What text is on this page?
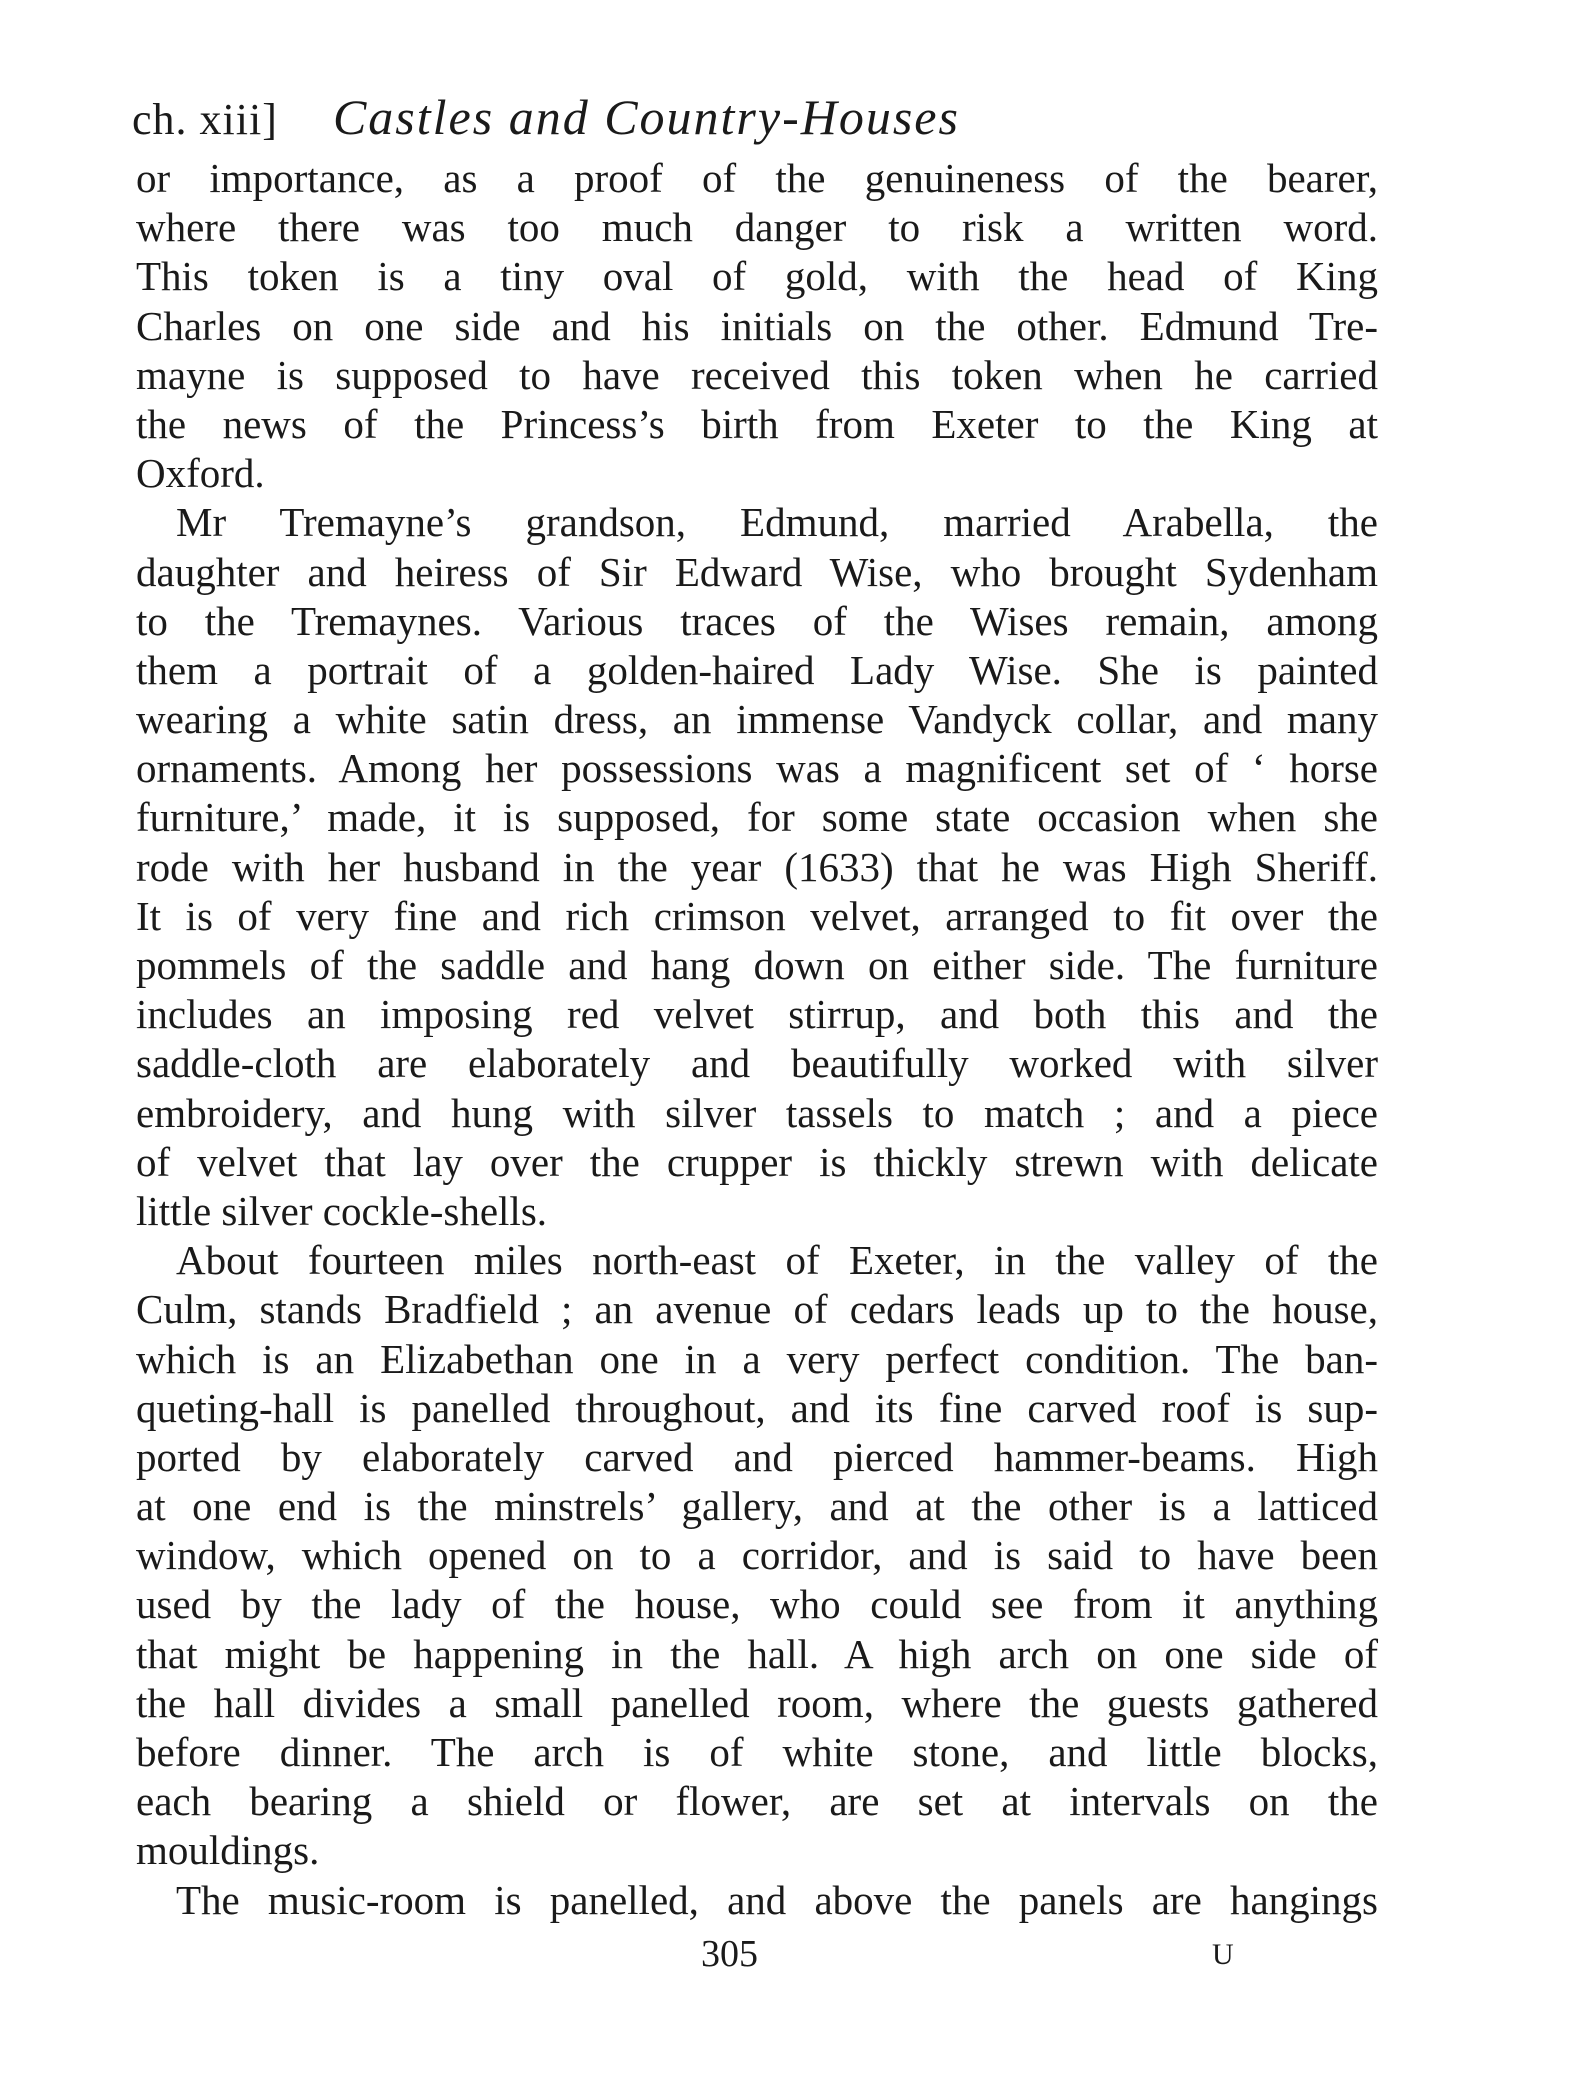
ch. xiii] Castles and Country-Houses
or importance, as a proof of the genuineness of the bearer,
where there was too much danger to risk a written word.
This token is a tiny oval of gold, with the head of King
Charles on one side and his initials on the other. Edmund Tre-
mayne is supposed to have received this token when he carried
the news of the Princess’s birth from Exeter to the King at
Oxford.
Mr Tremayne’s grandson, Edmund, married Arabella, the
daughter and heiress of Sir Edward Wise, who brought Sydenham
to the Tremaynes. Various traces of the Wises remain, among
them a portrait of a golden-haired Lady Wise. She is painted
wearing a white satin dress, an immense Vandyck collar, and many
ornaments. Among her possessions was a magnificent set of ‘ horse
furniture,’ made, it is supposed, for some state occasion when she
rode with her husband in the year (1633) that he was High Sheriff.
It is of very fine and rich crimson velvet, arranged to fit over the
pommels of the saddle and hang down on either side. The furniture
includes an imposing red velvet stirrup, and both this and the
saddle-cloth are elaborately and beautifully worked with silver
embroidery, and hung with silver tassels to match ; and a piece
of velvet that lay over the crupper is thickly strewn with delicate
little silver cockle-shells.
About fourteen miles north-east of Exeter, in the valley of the
Culm, stands Bradfield ; an avenue of cedars leads up to the house,
which is an Elizabethan one in a very perfect condition. The ban-
queting-hall is panelled throughout, and its fine carved roof is sup-
ported by elaborately carved and pierced hammer-beams. High
at one end is the minstrels’ gallery, and at the other is a latticed
window, which opened on to a corridor, and is said to have been
used by the lady of the house, who could see from it anything
that might be happening in the hall. A high arch on one side of
the hall divides a small panelled room, where the guests gathered
before dinner. The arch is of white stone, and little blocks,
each bearing a shield or flower, are set at intervals on the
mouldings.
The music-room is panelled, and above the panels are hangings
305	U
